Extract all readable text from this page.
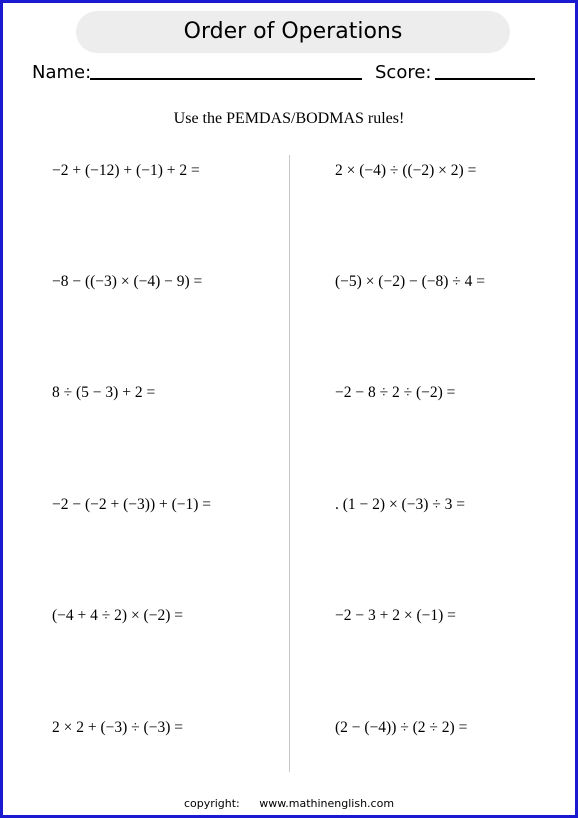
Order of Operations
Name:	Score:
Use the PEMDAS/BODMAS rules!
−2 + (−12) + (−1) + 2 =
−8 − ((−3) × (−4) − 9) =
8 ÷ (5 − 3) + 2 =
−2 − (−2 + (−3)) + (−1) =
(−4 + 4 ÷ 2) × (−2) =
2 × 2 + (−3) ÷ (−3) =
2 × (−4) ÷ ((−2) × 2) =
(−5) × (−2) − (−8) ÷ 4 =
−2 − 8 ÷ 2 ÷ (−2) =
. (1 − 2) × (−3) ÷ 3 =
−2 − 3 + 2 × (−1) =
(2 − (−4)) ÷ (2 ÷ 2) =
copyright: www.mathinenglish.com
